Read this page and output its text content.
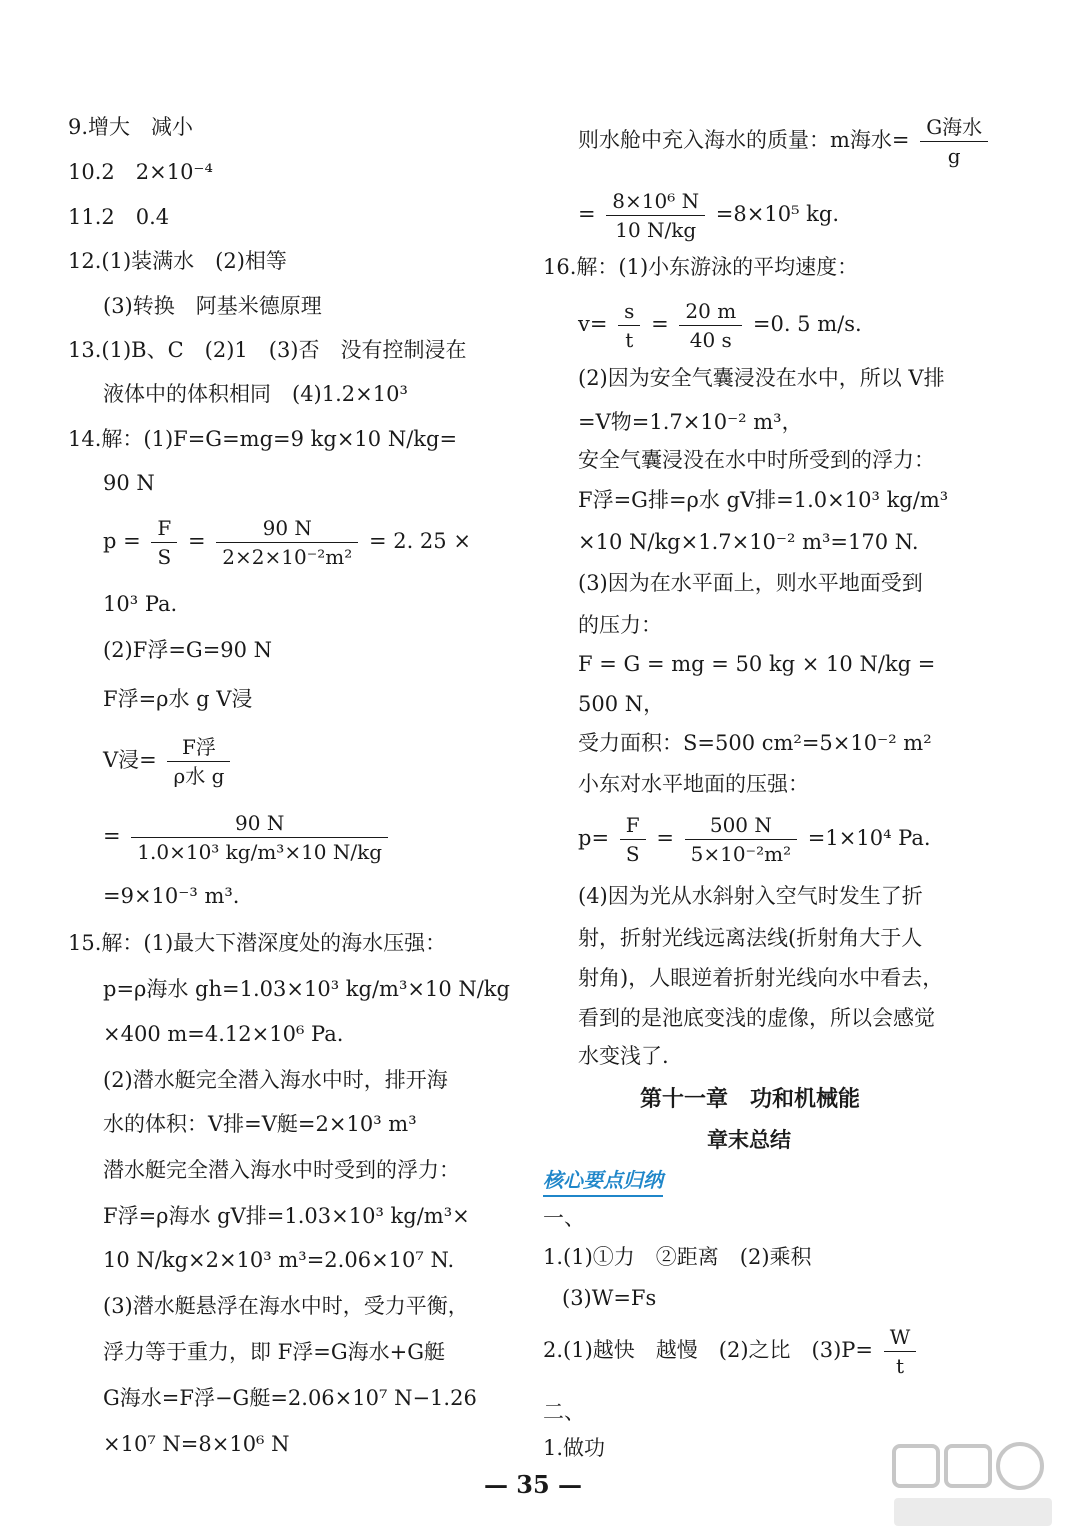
9.增大　减小
10.2　2×10⁻⁴
11.2　0.4
12.(1)装满水　(2)相等
(3)转换　阿基米德原理
13.(1)B、C　(2)1　(3)否　没有控制浸在
液体中的体积相同　(4)1.2×10³
14.解：(1)F=G=mg=9 kg×10 N/kg=
90 N
$p = \frac{F}{S} = \frac{90 N}{\text{2×2×10⁻²m²}} = 2$. 25 ×
10³ Pa.
(2)F浮=G=90 N
F浮=ρ水 g V浸
V浸= $\frac{\text{F浮}}{\text{ρ水 g}}$
= $\frac{90 N}{\text{1.0×10³ kg/m³×10 N/kg}}$
=9×10⁻³ m³.
15.解：(1)最大下潜深度处的海水压强：
p=ρ海水 gh=1.03×10³ kg/m³×10 N/kg
×400 m=4.12×10⁶ Pa.
(2)潜水艇完全潜入海水中时，排开海
水的体积：V排=V艇=2×10³ m³
潜水艇完全潜入海水中时受到的浮力：
F浮=ρ海水 gV排=1.03×10³ kg/m³×
10 N/kg×2×10³ m³=2.06×10⁷ N.
(3)潜水艇悬浮在海水中时，受力平衡，
浮力等于重力，即 F浮=G海水+G艇
G海水=F浮−G艇=2.06×10⁷ N−1.26
×10⁷ N=8×10⁶ N
则水舱中充入海水的质量：m海水= $\frac{\text{G海水}}{g}$
= $\frac{\text{8×10⁶ N}}{10 N/kg} =8\times 10^5$ kg.
16.解：(1)小东游泳的平均速度：
$v= \frac{s}{t} = \frac{20 m}{40 s} =0$. 5 m/s.
(2)因为安全气囊浸没在水中，所以 V排
=V物=1.7×10⁻² m³，
安全气囊浸没在水中时所受到的浮力：
F浮=G排=ρ水 gV排=1.0×10³ kg/m³
×10 N/kg×1.7×10⁻² m³=170 N.
(3)因为在水平面上，则水平地面受到
的压力：
F = G = mg = 50 kg × 10 N/kg =
500 N，
受力面积：S=500 cm²=5×10⁻² m²
小东对水平地面的压强：
$p= \frac{F}{S} = \frac{500 N}{\text{5×10⁻²m²}} =1\times 10^4$ Pa.
(4)因为光从水斜射入空气时发生了折
射，折射光线远离法线(折射角大于人
射角)，人眼逆着折射光线向水中看去，
看到的是池底变浅的虚像，所以会感觉
水变浅了.
第十一章　功和机械能
章末总结
核心要点归纳
一、
1.(1)①力　②距离　(2)乘积
(3)W=Fs
2.(1)越快　越慢　(2)之比　$(3)P= \frac{W}{t}$
二、
1.做功
— 35 —
